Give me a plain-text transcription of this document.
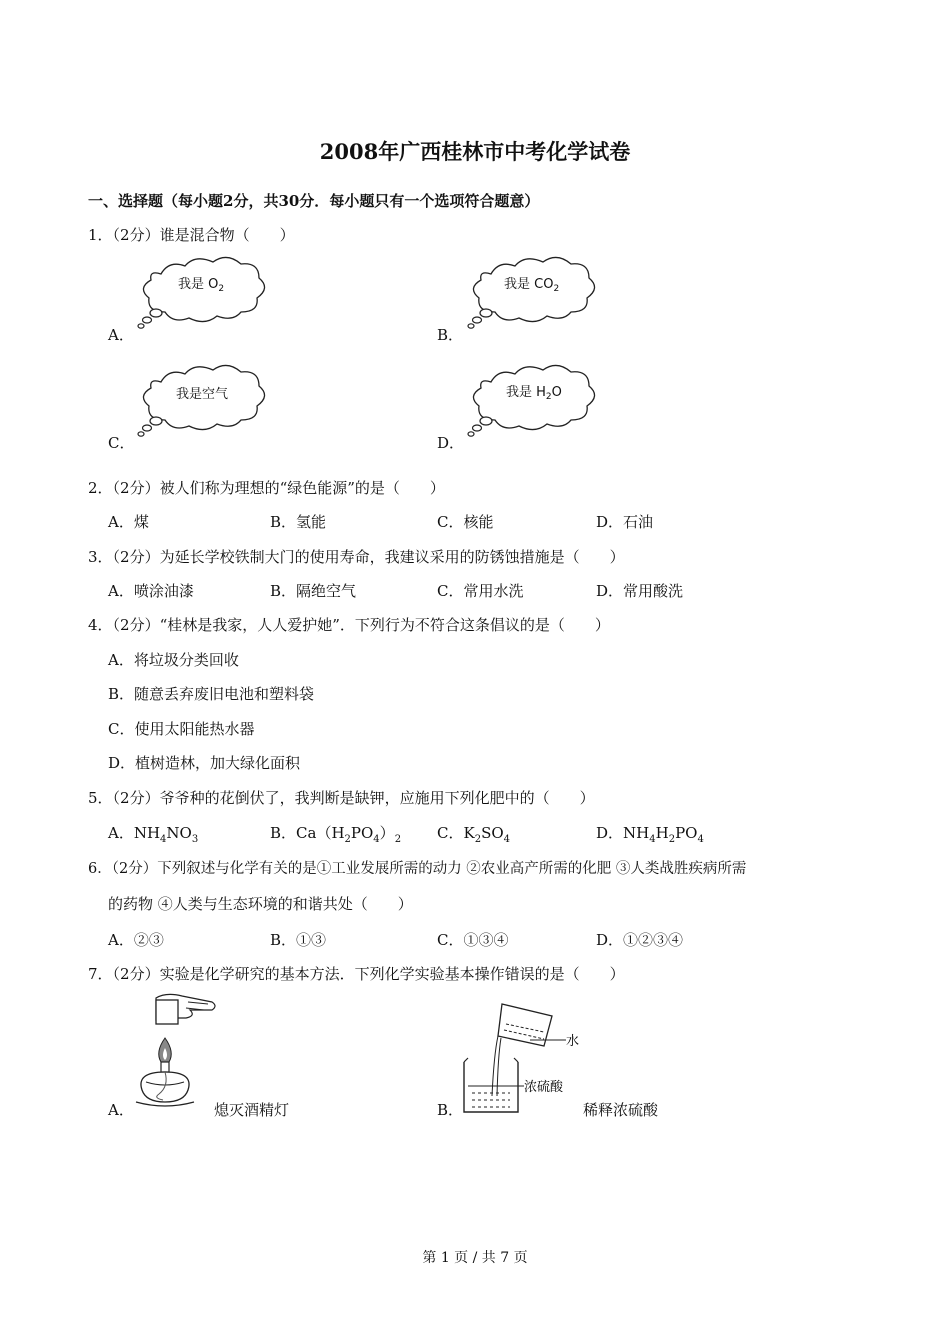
2008年广西桂林市中考化学试卷
一、选择题（每小题2分，共30分．每小题只有一个选项符合题意）
1．（2分）谁是混合物（　　）
A．	B．
C．	D．
我是 $O_2$	我是 $CO_2$
我是空气	我是 $H_2O$
2．（2分）被人们称为理想的“绿色能源”的是（　　）
A．煤	B．氢能	C．核能	D．石油
3．（2分）为延长学校铁制大门的使用寿命，我建议采用的防锈蚀措施是（　　）
A．喷涂油漆	B．隔绝空气	C．常用水洗	D．常用酸洗
4．（2分）“桂林是我家，人人爱护她”．下列行为不符合这条倡议的是（　　）
A．将垃圾分类回收
B．随意丢弃废旧电池和塑料袋
C．使用太阳能热水器
D．植树造林，加大绿化面积
5．（2分）爷爷种的花倒伏了，我判断是缺钾，应施用下列化肥中的（　　）
A．$NH_4NO_3$	B．$Ca(H_2PO_4)_2$ C．$K_2SO_4$	D．$NH_4H_2PO_4$
6．（2分）下列叙述与化学有关的是①工业发展所需的动力 ②农业高产所需的化肥 ③人类战胜疾病所需
的药物 ④人类与生态环境的和谐共处（　　）
A．②③	B．①③	C．①③④	D．①②③④
7．（2分）实验是化学研究的基本方法．下列化学实验基本操作错误的是（　　）
A．	熄灭酒精灯	B．
水
浓硫酸
稀释浓硫酸
第 1 页 / 共 7 页
